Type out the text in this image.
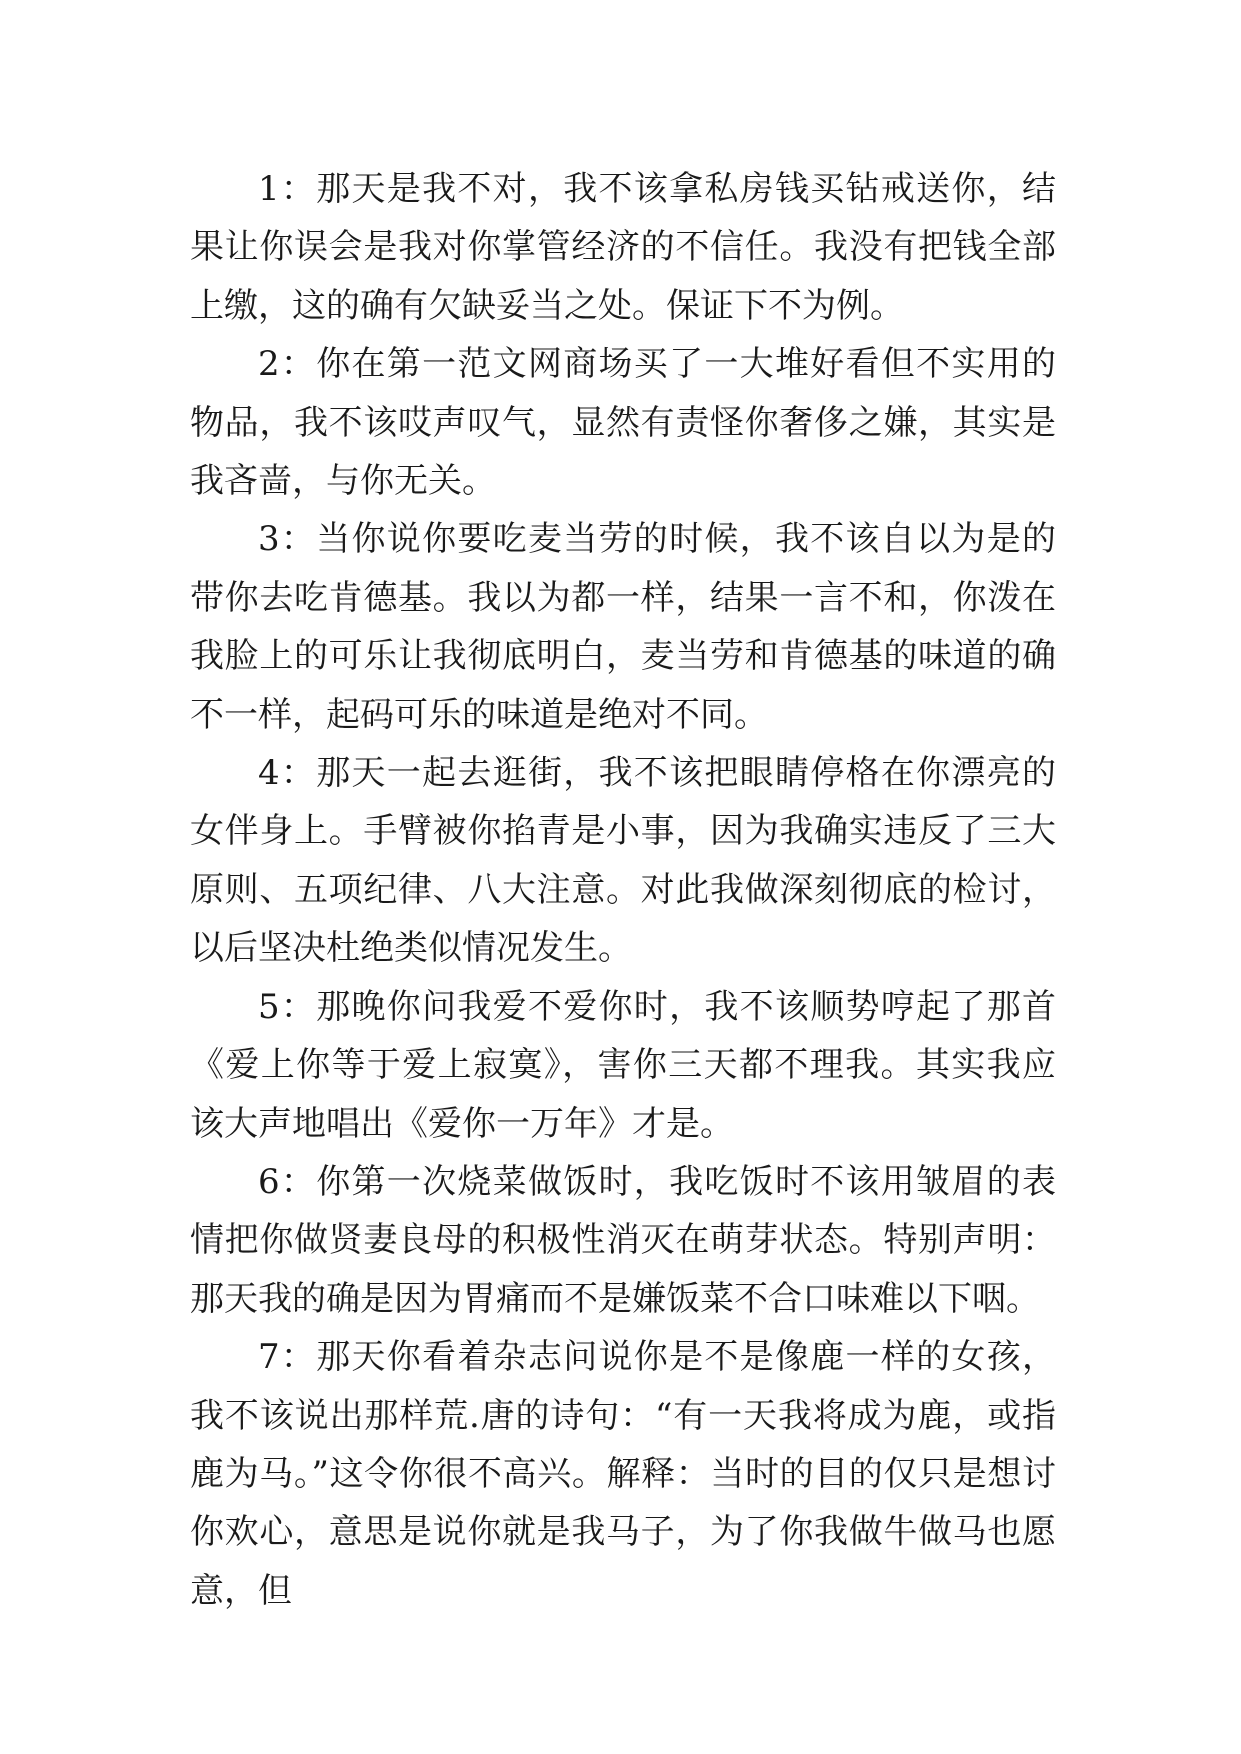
1：那天是我不对，我不该拿私房钱买钻戒送你，结果让你误会是我对你掌管经济的不信任。我没有把钱全部上缴，这的确有欠缺妥当之处。保证下不为例。

2：你在第一范文网商场买了一大堆好看但不实用的物品，我不该哎声叹气，显然有责怪你奢侈之嫌，其实是我吝啬，与你无关。

3：当你说你要吃麦当劳的时候，我不该自以为是的带你去吃肯德基。我以为都一样，结果一言不和，你泼在我脸上的可乐让我彻底明白，麦当劳和肯德基的味道的确不一样，起码可乐的味道是绝对不同。

4：那天一起去逛街，我不该把眼睛停格在你漂亮的女伴身上。手臂被你掐青是小事，因为我确实违反了三大原则、五项纪律、八大注意。对此我做深刻彻底的检讨，以后坚决杜绝类似情况发生。

5：那晚你问我爱不爱你时，我不该顺势哼起了那首《爱上你等于爱上寂寞》，害你三天都不理我。其实我应该大声地唱出《爱你一万年》才是。

6：你第一次烧菜做饭时，我吃饭时不该用皱眉的表情把你做贤妻良母的积极性消灭在萌芽状态。特别声明：那天我的确是因为胃痛而不是嫌饭菜不合口味难以下咽。

7：那天你看着杂志问说你是不是像鹿一样的女孩，我不该说出那样荒.唐的诗句：“有一天我将成为鹿，或指鹿为马。”这令你很不高兴。解释：当时的目的仅只是想讨你欢心，意思是说你就是我马子，为了你我做牛做马也愿意，但
